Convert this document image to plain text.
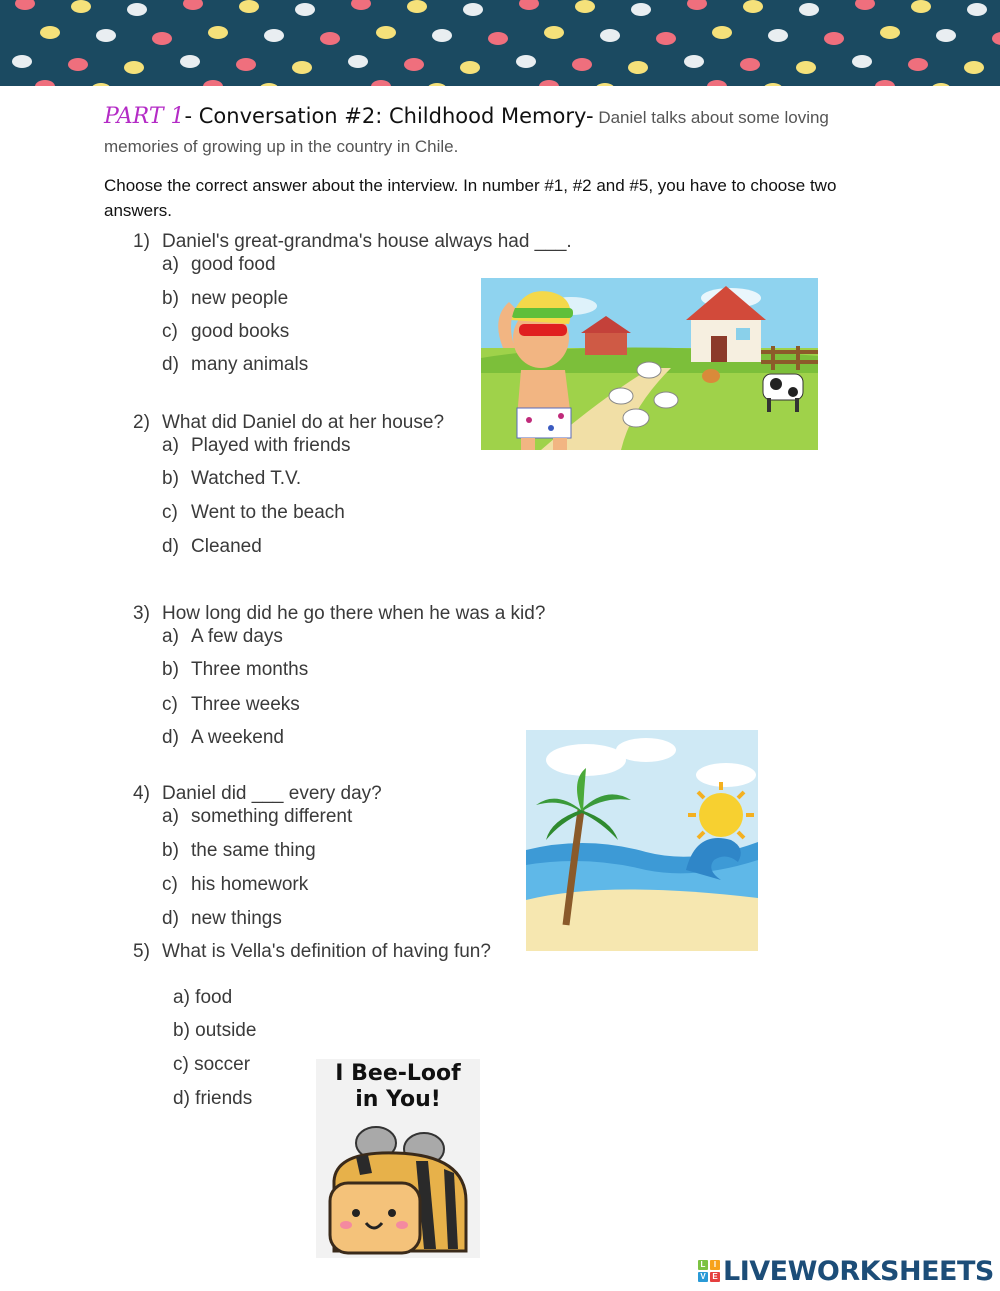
PART 1- Conversation #2: Childhood Memory- Daniel talks about some loving
memories of growing up in the country in Chile.
Choose the correct answer about the interview. In number #1, #2 and #5, you have to choose two answers.
1) Daniel's great-grandma's house always had ___.
a) good food
b) new people
c) good books
d) many animals
2) What did Daniel do at her house?
a) Played with friends
b) Watched T.V.
c) Went to the beach
d) Cleaned
3) How long did he go there when he was a kid?
a) A few days
b) Three months
c) Three weeks
d) A weekend
4) Daniel did ___ every day?
a) something different
b) the same thing
c) his homework
d) new things
5) What is Vella's definition of having fun?
a) food
b) outside
c) soccer
d) friends
I Bee-Loof
in You!
L	I
V E LIVEWORKSHEETS
